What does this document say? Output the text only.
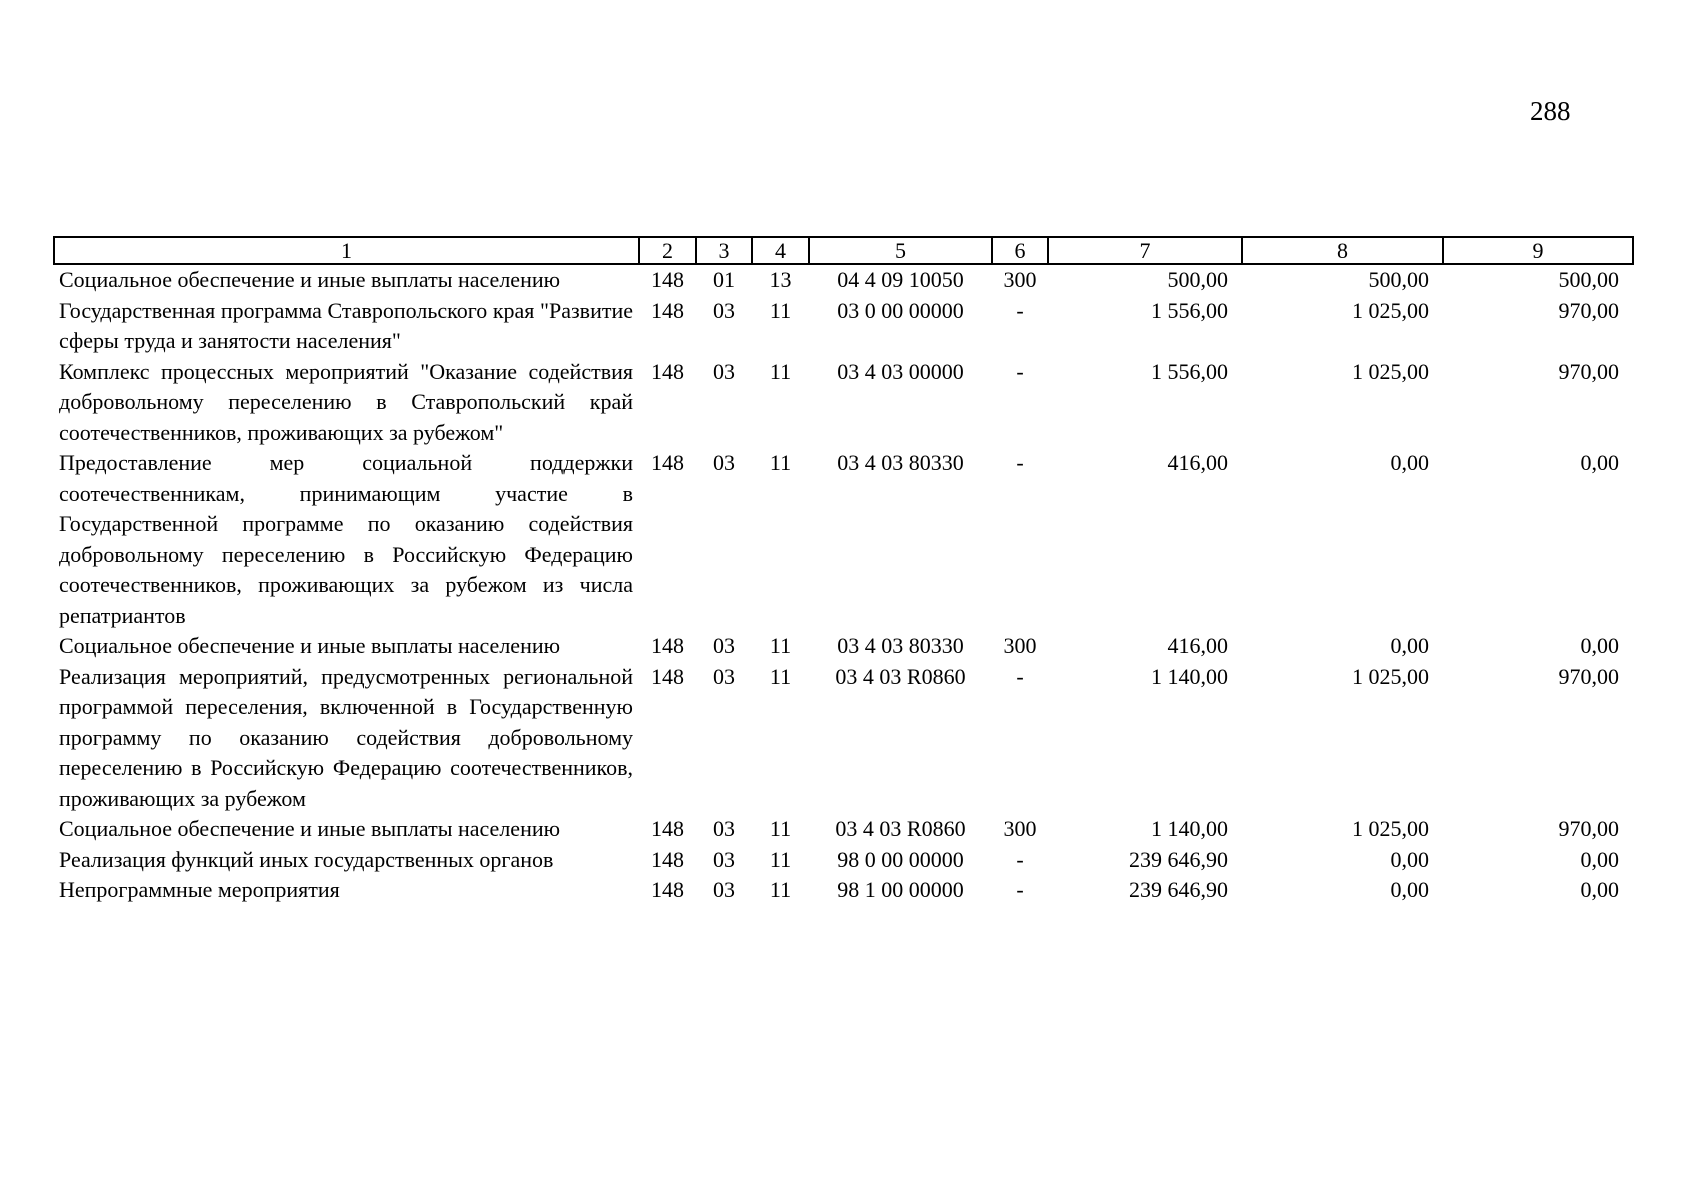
288
1	2	3	4	5	6	7	8	9
Социальное обеспечение и иные выплаты населению	148	01	13	04 4 09 10050	300	500,00	500,00	500,00
Государственная программа Ставропольского края "Развитие сферы труда и занятости населения"	148	03	11	03 0 00 00000	-	1 556,00	1 025,00	970,00
Комплекс процессных мероприятий "Оказание содействия добровольному переселению в Ставропольский край соотечественников, проживающих за рубежом"	148	03	11	03 4 03 00000	-	1 556,00	1 025,00	970,00
Предоставление мер социальной поддержки соотечественникам, принимающим участие в Государственной программе по оказанию содействия добровольному переселению в Российскую Федерацию соотечественников, проживающих за рубежом из числа репатриантов	148	03	11	03 4 03 80330	-	416,00	0,00	0,00
Социальное обеспечение и иные выплаты населению	148	03	11	03 4 03 80330	300	416,00	0,00	0,00
Реализация мероприятий, предусмотренных региональной программой переселения, включенной в Государственную программу по оказанию содействия добровольному переселению в Российскую Федерацию соотечественников, проживающих за рубежом	148	03	11	03 4 03 R0860	-	1 140,00	1 025,00	970,00
Социальное обеспечение и иные выплаты населению	148	03	11	03 4 03 R0860	300	1 140,00	1 025,00	970,00
Реализация функций иных государственных органов	148	03	11	98 0 00 00000	-	239 646,90	0,00	0,00
Непрограммные мероприятия	148	03	11	98 1 00 00000	-	239 646,90	0,00	0,00
